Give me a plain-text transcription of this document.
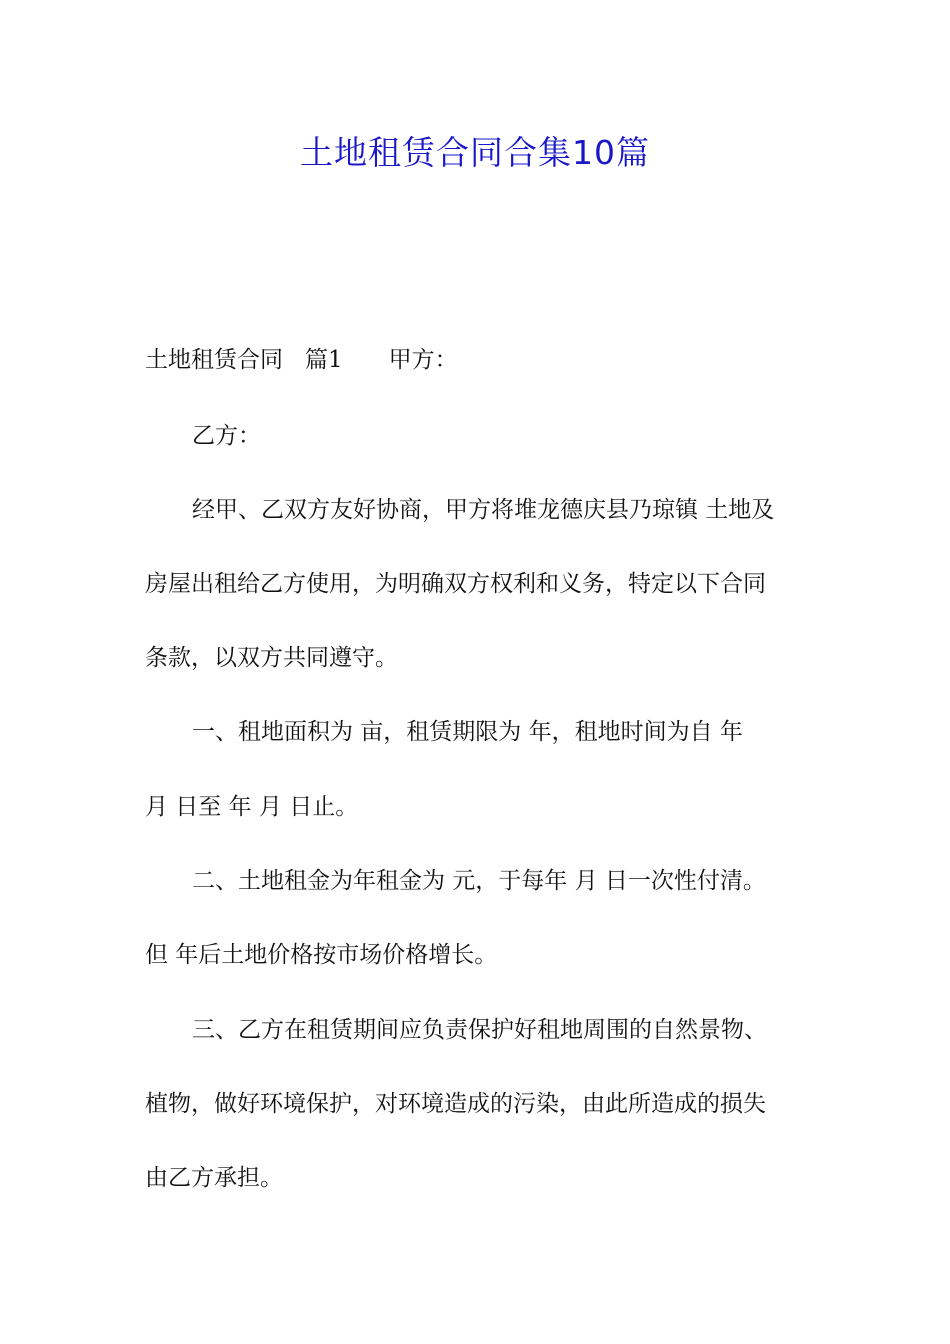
土地租赁合同合集10篇
土地租赁合同 篇1 甲方：
乙方：
经甲、乙双方友好协商，甲方将堆龙德庆县乃琼镇 土地及
房屋出租给乙方使用，为明确双方权利和义务，特定以下合同
条款，以双方共同遵守。
一、租地面积为 亩，租赁期限为 年，租地时间为自 年
月 日至 年 月 日止。
二、土地租金为年租金为 元，于每年 月 日一次性付清。
但 年后土地价格按市场价格增长。
三、乙方在租赁期间应负责保护好租地周围的自然景物、
植物，做好环境保护，对环境造成的污染，由此所造成的损失
由乙方承担。
